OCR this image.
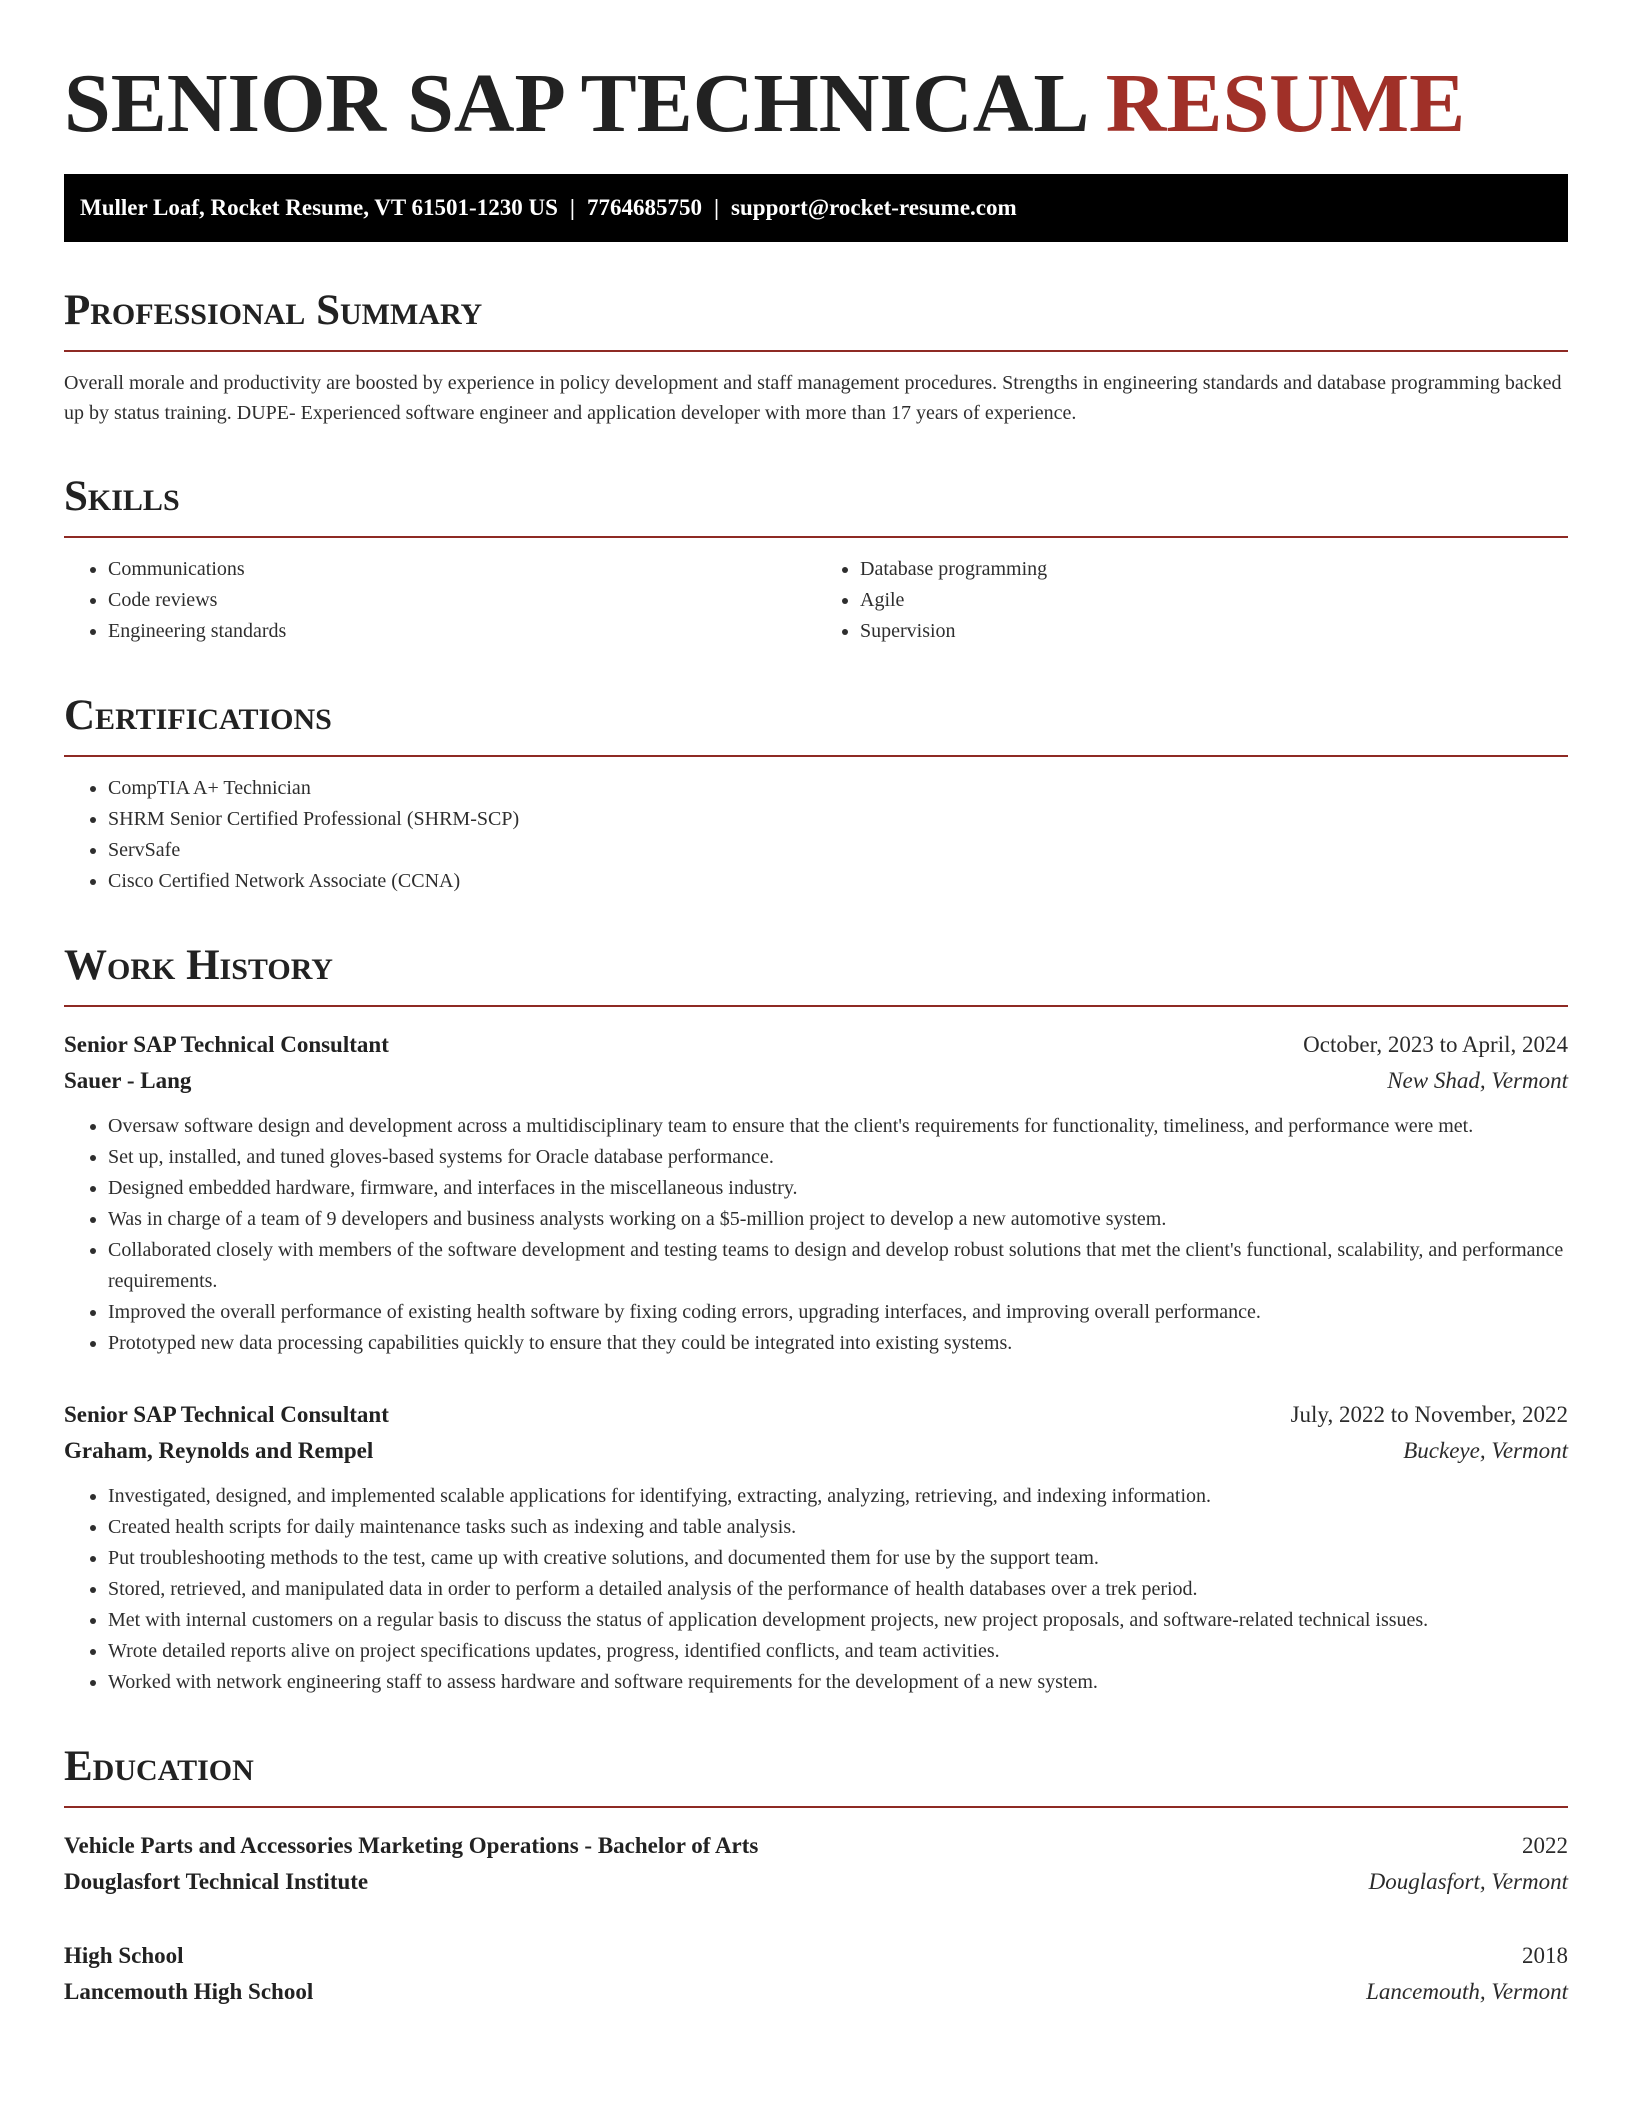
SENIOR SAP TECHNICAL RESUME
Muller Loaf, Rocket Resume, VT 61501-1230 US | 7764685750 | support@rocket-resume.com
Professional Summary

Overall morale and productivity are boosted by experience in policy development and staff management procedures. Strengths in engineering standards and database programming backed up by status training. DUPE- Experienced software engineer and application developer with more than 17 years of experience.

Skills
• Communications
• Code reviews
• Engineering standards
• Database programming
• Agile
• Supervision
Certifications
• CompTIA A+ Technician
• SHRM Senior Certified Professional (SHRM-SCP)
• ServSafe
• Cisco Certified Network Associate (CCNA)
Work History
Senior SAP Technical Consultant	October, 2023 to April, 2024
Sauer - Lang	New Shad, Vermont
• Oversaw software design and development across a multidisciplinary team to ensure that the client's requirements for functionality, timeliness, and performance were met.
• Set up, installed, and tuned gloves-based systems for Oracle database performance.
• Designed embedded hardware, firmware, and interfaces in the miscellaneous industry.
• Was in charge of a team of 9 developers and business analysts working on a $5-million project to develop a new automotive system.
• Collaborated closely with members of the software development and testing teams to design and develop robust solutions that met the client's functional, scalability, and performance requirements.
• Improved the overall performance of existing health software by fixing coding errors, upgrading interfaces, and improving overall performance.
• Prototyped new data processing capabilities quickly to ensure that they could be integrated into existing systems.
Senior SAP Technical Consultant	July, 2022 to November, 2022
Graham, Reynolds and Rempel	Buckeye, Vermont
• Investigated, designed, and implemented scalable applications for identifying, extracting, analyzing, retrieving, and indexing information.
• Created health scripts for daily maintenance tasks such as indexing and table analysis.
• Put troubleshooting methods to the test, came up with creative solutions, and documented them for use by the support team.
• Stored, retrieved, and manipulated data in order to perform a detailed analysis of the performance of health databases over a trek period.
• Met with internal customers on a regular basis to discuss the status of application development projects, new project proposals, and software-related technical issues.
• Wrote detailed reports alive on project specifications updates, progress, identified conflicts, and team activities.
• Worked with network engineering staff to assess hardware and software requirements for the development of a new system.
Education
Vehicle Parts and Accessories Marketing Operations - Bachelor of Arts	2022
Douglasfort Technical Institute	Douglasfort, Vermont
High School	2018
Lancemouth High School	Lancemouth, Vermont
